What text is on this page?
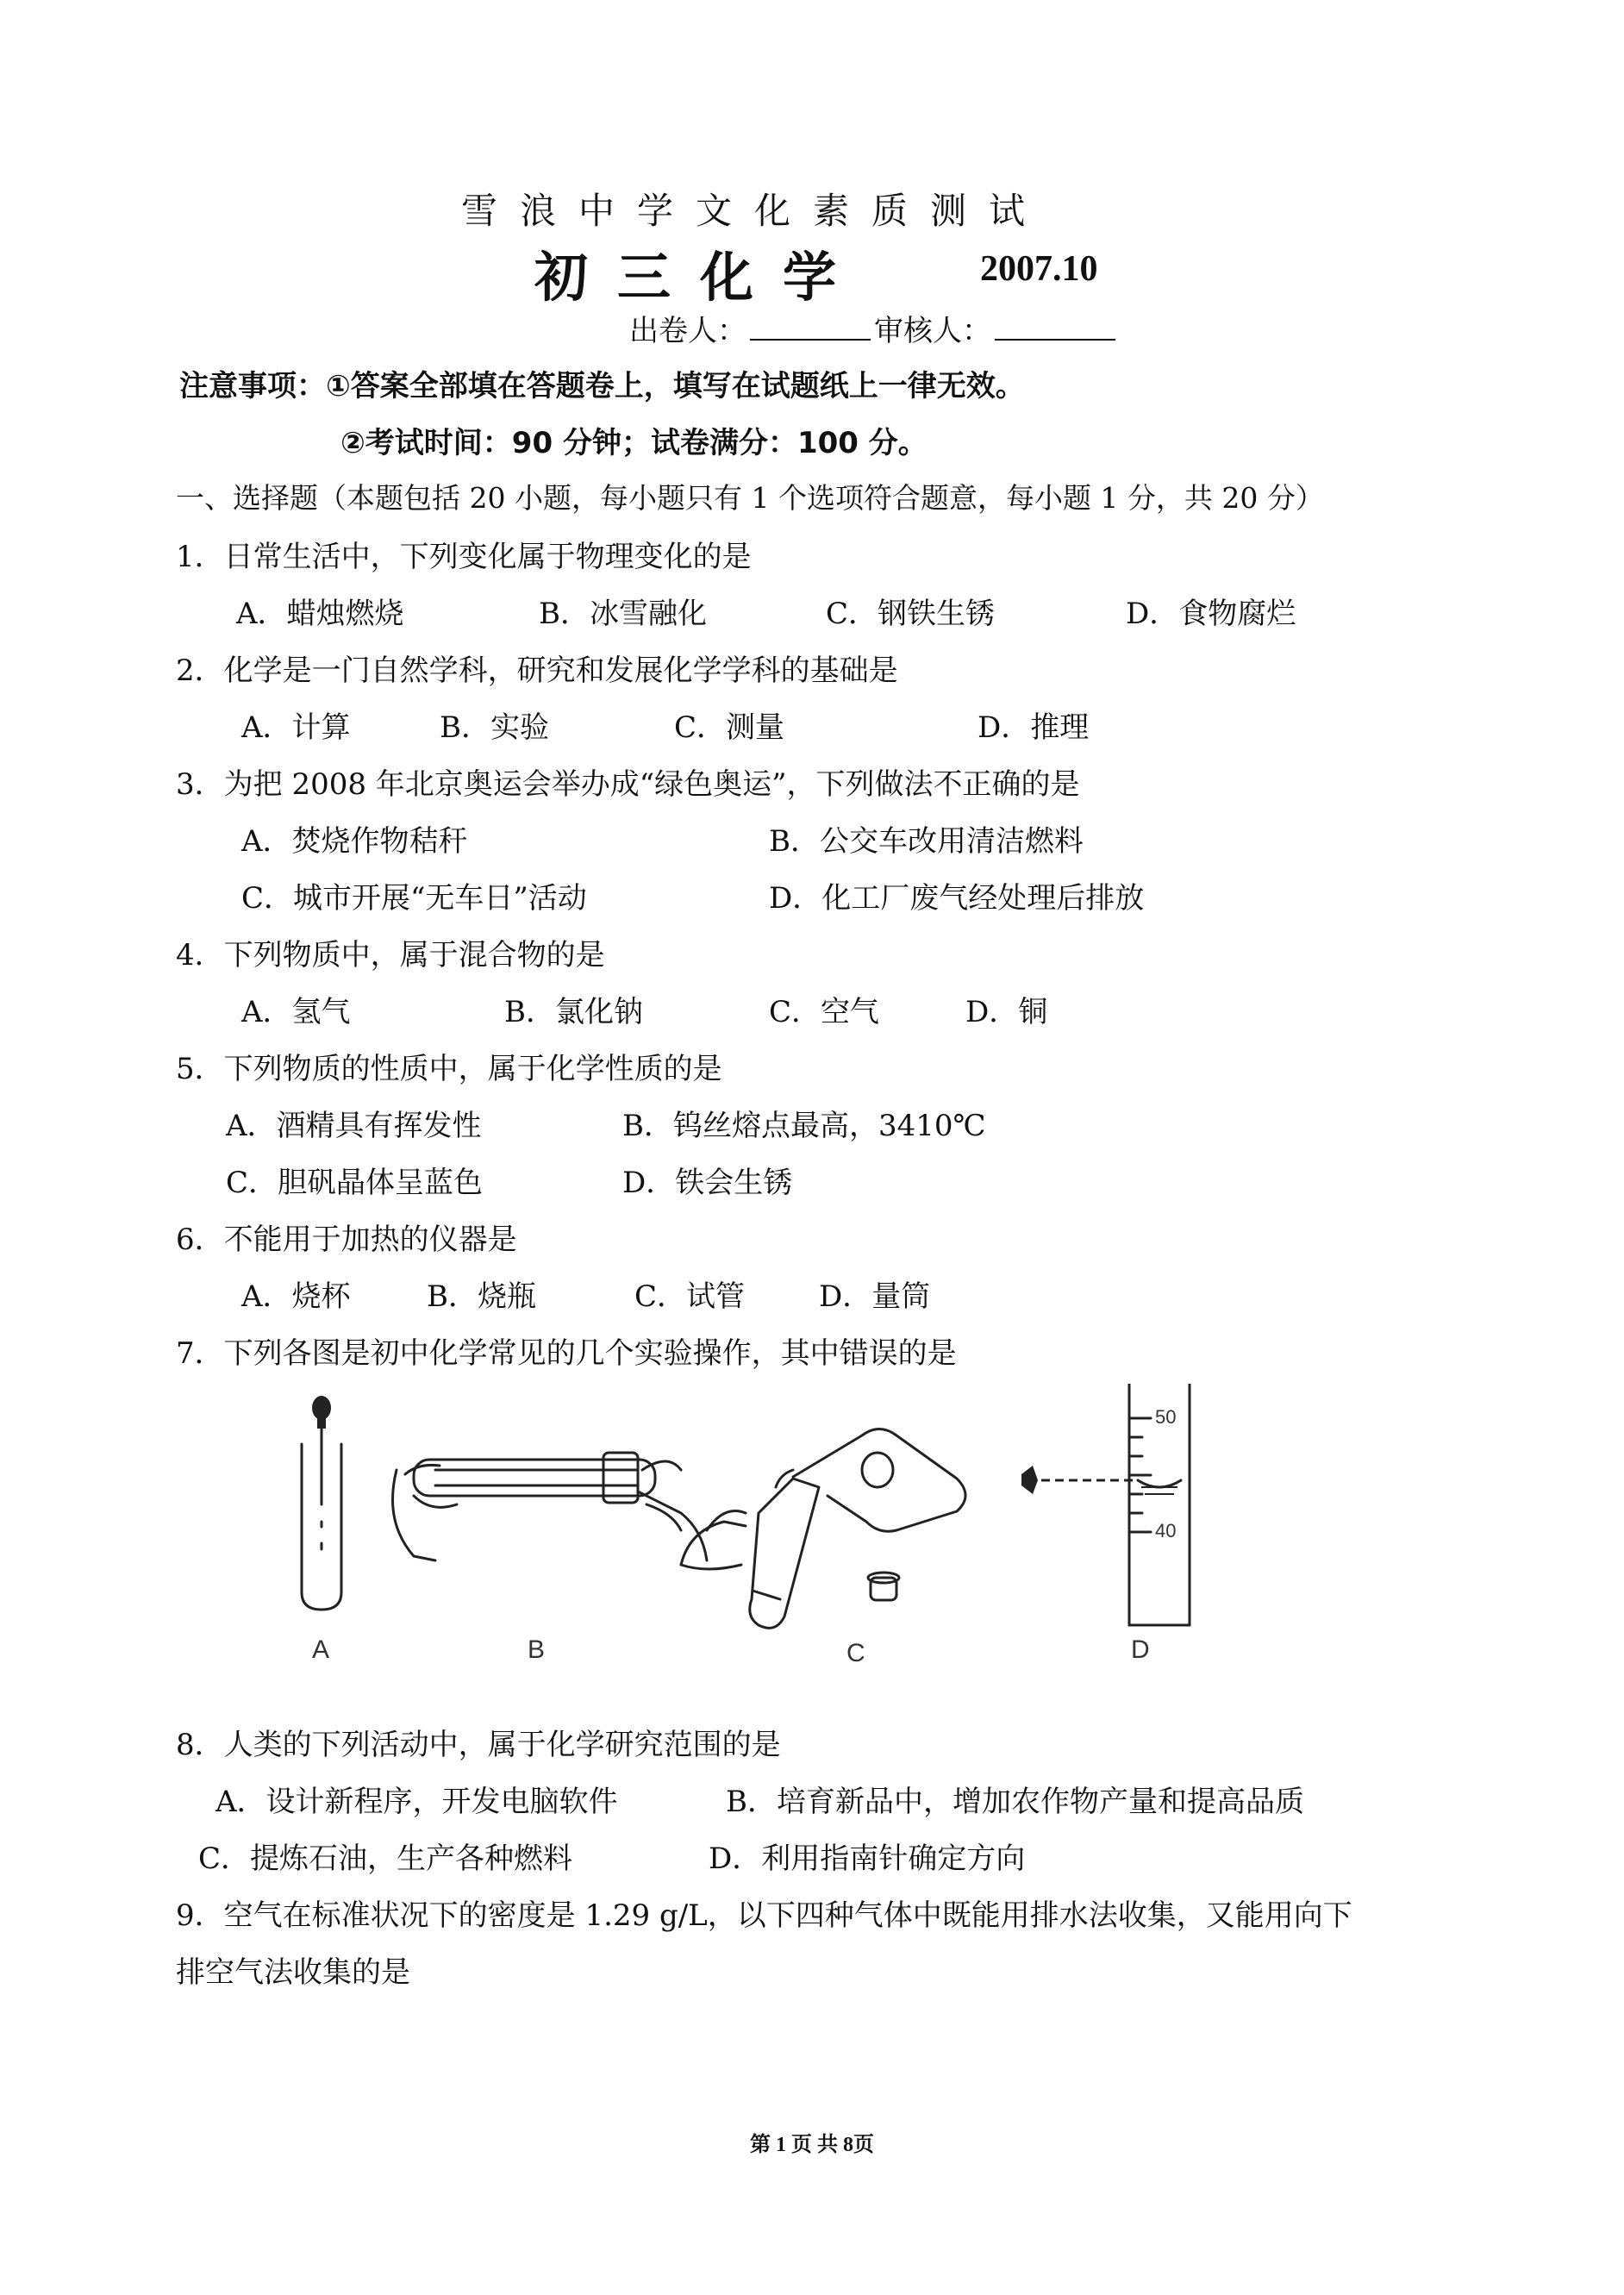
雪浪中学文化素质测试
初三化学	2007.10
出卷人：	审核人：
注意事项：①答案全部填在答题卷上，填写在试题纸上一律无效。
②考试时间：90 分钟；试卷满分：100 分。
一、选择题（本题包括 20 小题，每小题只有 1 个选项符合题意，每小题 1 分，共 20 分）
1．日常生活中，下列变化属于物理变化的是
A．蜡烛燃烧	B．冰雪融化	C．钢铁生锈	D．食物腐烂
2．化学是一门自然学科，研究和发展化学学科的基础是
A．计算	B．实验	C．测量	D．推理
3．为把 2008 年北京奥运会举办成“绿色奥运”，下列做法不正确的是
A．焚烧作物秸秆	B．公交车改用清洁燃料
C．城市开展“无车日”活动	D．化工厂废气经处理后排放
4．下列物质中，属于混合物的是
A．氢气	B．氯化钠	C．空气	D．铜
5．下列物质的性质中，属于化学性质的是
A．酒精具有挥发性	B．钨丝熔点最高，3410℃
C．胆矾晶体呈蓝色	D．铁会生锈
6．不能用于加热的仪器是
A．烧杯	B．烧瓶	C．试管	D．量筒
7．下列各图是初中化学常见的几个实验操作，其中错误的是
50
40
A	B	C	D
8．人类的下列活动中，属于化学研究范围的是
A．设计新程序，开发电脑软件	B．培育新品中，增加农作物产量和提高品质
C．提炼石油，生产各种燃料	D．利用指南针确定方向
9．空气在标准状况下的密度是 1.29 g/L，以下四种气体中既能用排水法收集，又能用向下
排空气法收集的是
第 1 页 共 8页
